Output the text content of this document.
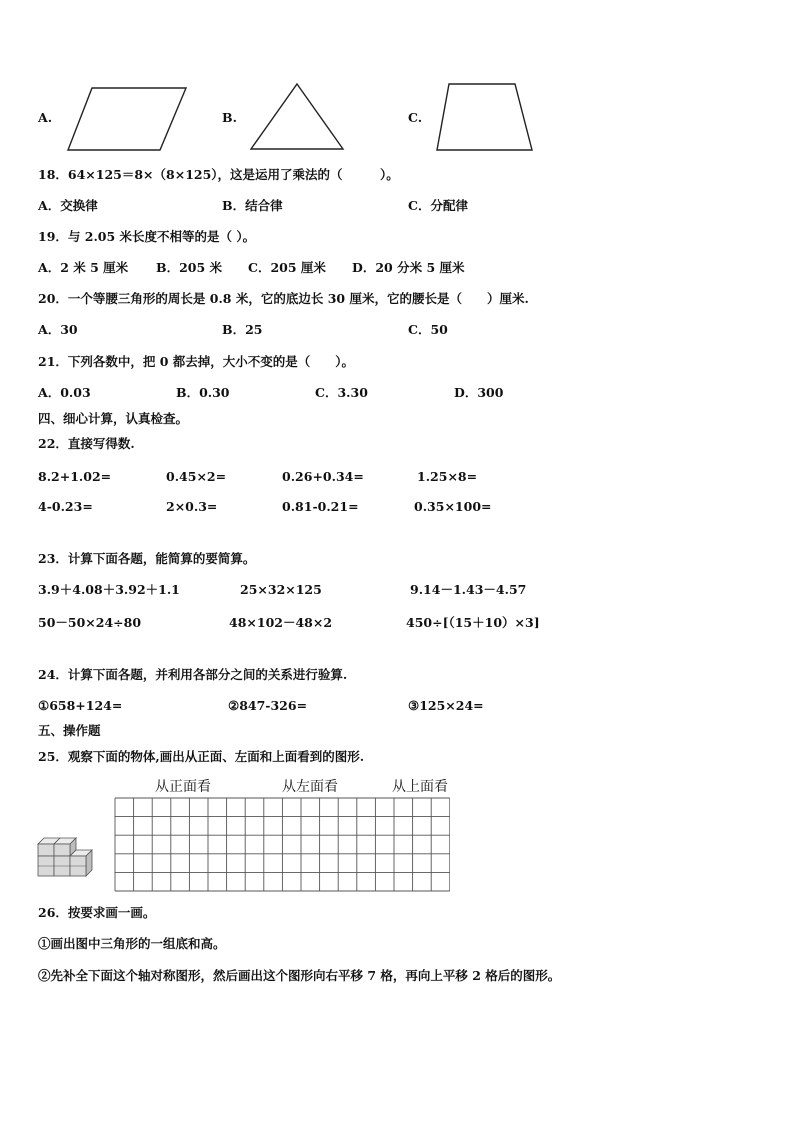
A.	B.	C.
18．64×125＝8×（8×125），这是运用了乘法的（　　　）。
A．交换律	B．结合律	C．分配律
19．与 2.05 米长度不相等的是（ ）。
A．2 米 5 厘米 B．205 米 C．205 厘米 D．20 分米 5 厘米
20．一个等腰三角形的周长是 0.8 米，它的底边长 30 厘米，它的腰长是（　　）厘米.
A．30	B．25	C．50
21．下列各数中，把 0 都去掉，大小不变的是（　　）。
A．0.03	B．0.30	C．3.30	D．300
四、细心计算，认真检查。
22．直接写得数.
8.2+1.02=	0.45×2=	0.26+0.34=	1.25×8=
4-0.23=	2×0.3=	0.81-0.21=	0.35×100=
23．计算下面各题，能简算的要简算。
3.9＋4.08＋3.92＋1.1	25×32×125	9.14－1.43－4.57
50－50×24÷80	48×102－48×2	450÷[（15＋10）×3]
24．计算下面各题，并利用各部分之间的关系进行验算.
①658+124=	②847-326=	③125×24=
五、操作题
25．观察下面的物体,画出从正面、左面和上面看到的图形.
从正面看	从左面看	从上面看
26．按要求画一画。
①画出图中三角形的一组底和高。
②先补全下面这个轴对称图形，然后画出这个图形向右平移 7 格，再向上平移 2 格后的图形。
